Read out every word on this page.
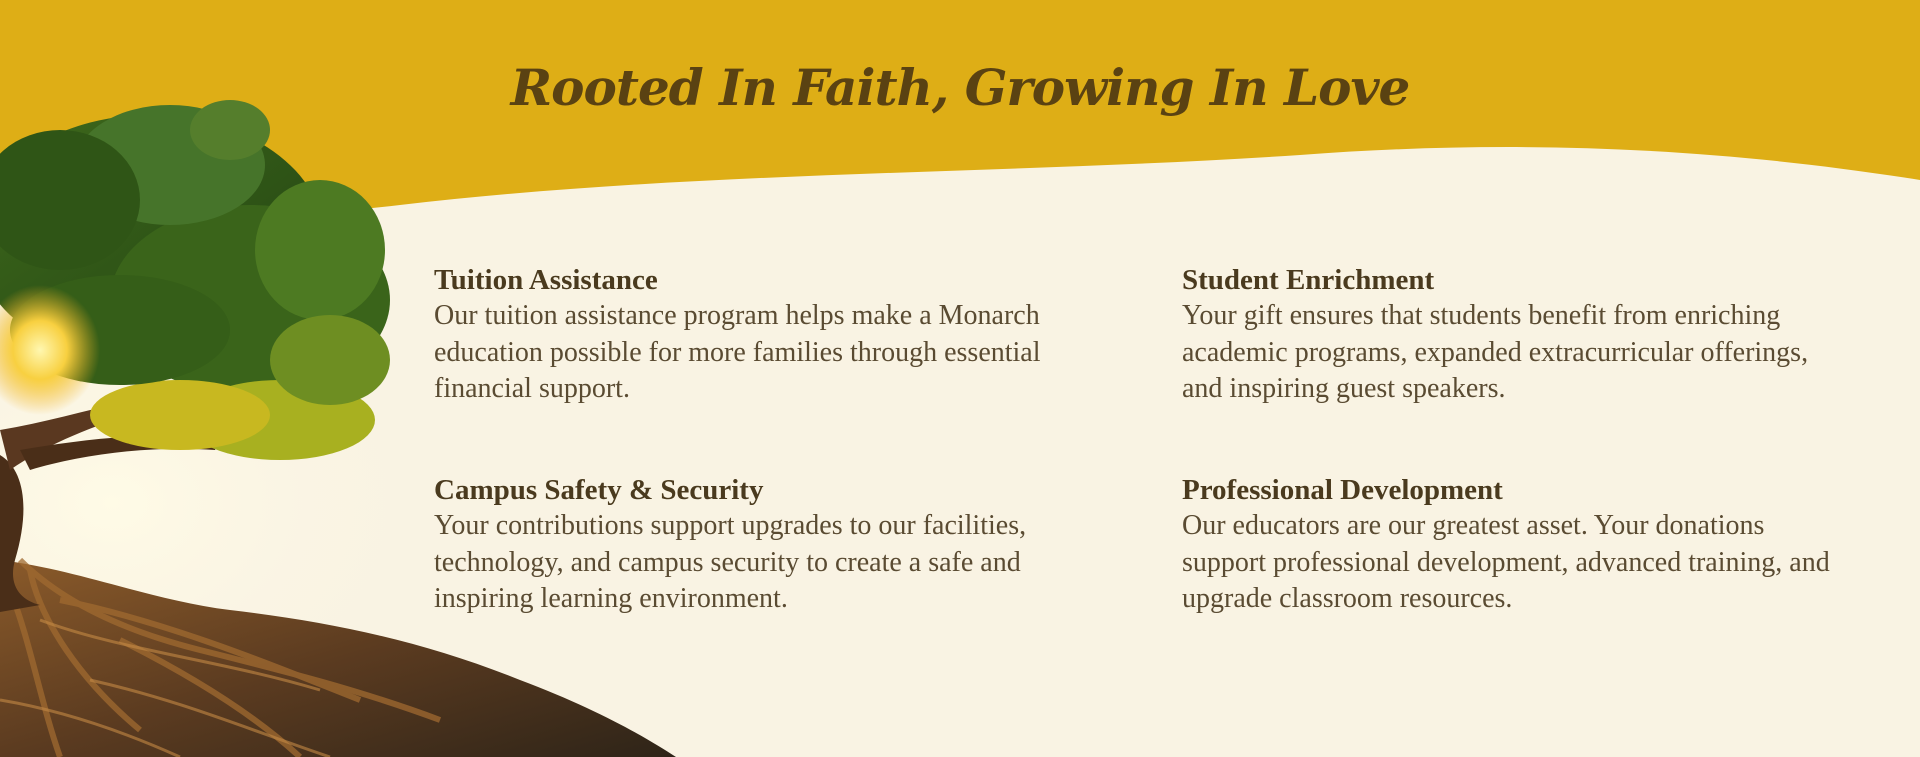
Rooted In Faith, Growing In Love
Tuition Assistance

Our tuition assistance program helps make a Monarch education possible for more families through essential financial support.

Student Enrichment

Your gift ensures that students benefit from enriching academic programs, expanded extracurricular offerings, and inspiring guest speakers.

Campus Safety & Security

Your contributions support upgrades to our facilities, technology, and campus security to create a safe and inspiring learning environment.

Professional Development

Our educators are our greatest asset. Your donations support professional development, advanced training, and upgrade classroom resources.
